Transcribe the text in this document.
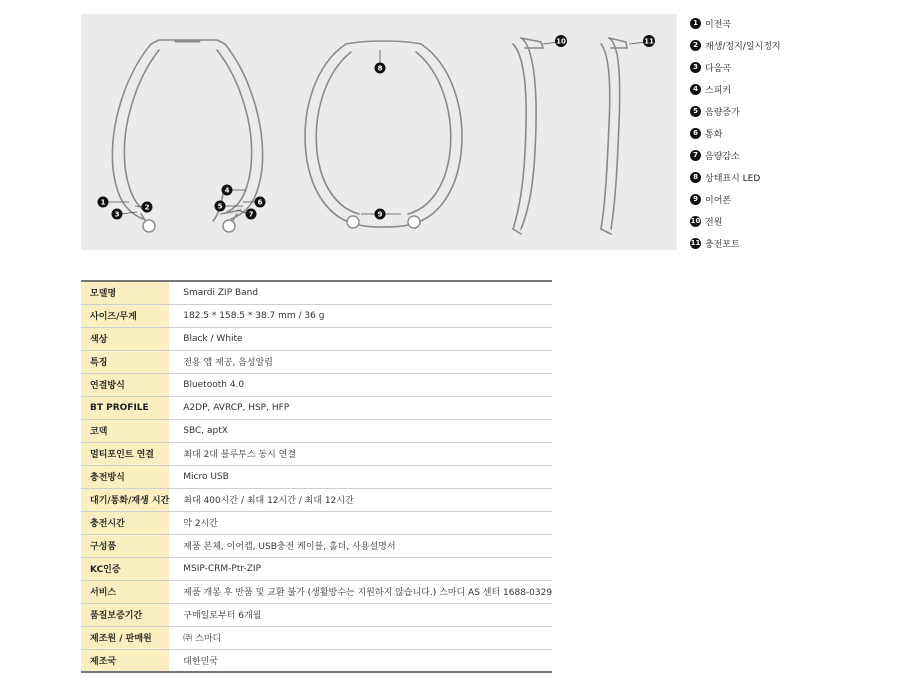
1
2
3
4
5	6
7
8
9
10	11
1 이전곡
2 재생/정지/일시정지
3 다음곡
4 스피커
5 음량증가
6 통화
7 음량감소
8 상태표시 LED
9 이어폰
10 전원
11 충전포트
모델명	Smardi ZIP Band
사이즈/무게	182.5 * 158.5 * 38.7 mm / 36 g
색상	Black / White
특징	전용 앱 제공, 음성알림
연결방식	Bluetooth 4.0
BT PROFILE	A2DP, AVRCP, HSP, HFP
코덱	SBC, aptX
멀티포인트 연결	최대 2대 블루투스 동시 연결
충전방식	Micro USB
대기/통화/재생 시간	최대 400시간 / 최대 12시간 / 최대 12시간
충전시간	약 2시간
구성품	제품 본체, 이어캡, USB충전 케이블, 홀더, 사용설명서
KC인증	MSIP-CRM-Ptr-ZIP
서비스	제품 개봉 후 반품 및 교환 불가 (생활방수는 지원하지 않습니다.) 스마디 AS 센터 1688-0329
품질보증기간	구매일로부터 6개월
제조원 / 판매원	㈜ 스마디
제조국	대한민국
